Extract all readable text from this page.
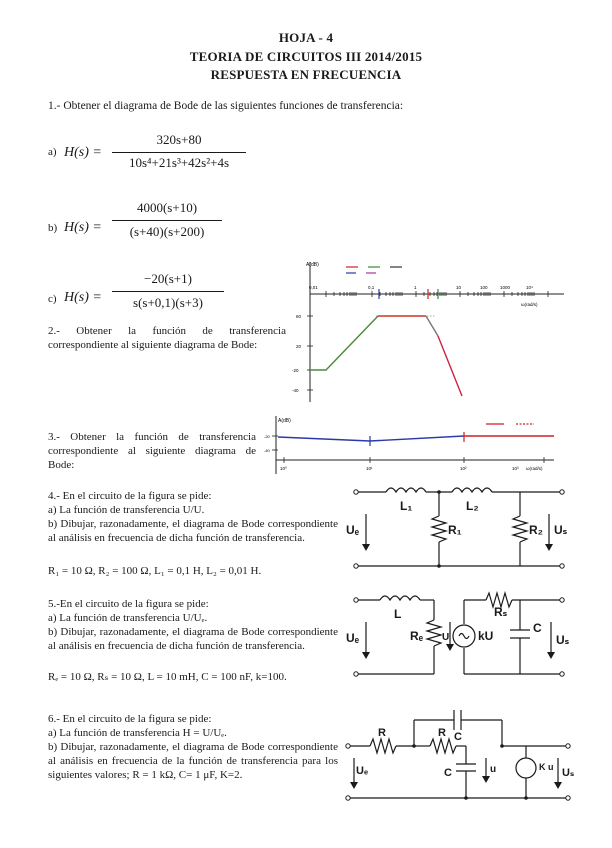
HOJA - 4
TEORIA DE CIRCUITOS III 2014/2015
RESPUESTA EN FRECUENCIA
1.- Obtener el diagrama de Bode de las siguientes funciones de transferencia:
a) H(s) =
320s+80
10s⁴+21s³+42s²+4s
b) H(s) =
4000(s+10)
(s+40)(s+200)
c) H(s) =
−20(s+1)
s(s+0,1)(s+3)
2.- Obtener la función de transferencia correspondiente al siguiente diagrama de Bode:
A(dB)
0,01	0,1	1	10	100	1000	10⁴
ω(rad/s)
60
20
-20
-40
3.- Obtener la función de transferencia correspondiente al siguiente diagrama de Bode:
A(dB)
-20
-40
10⁰	10¹	10²	10³ ω(rad/s)
4.- En el circuito de la figura se pide:
a) La función de transferencia U/U.
b) Dibujar, razonadamente, el diagrama de Bode correspondiente al análisis en frecuencia de dicha función de transferencia.
R₁ = 10 Ω, R₂ = 100 Ω, L₁ = 0,1 H, L₂ = 0,01 H.
L₁	L₂
R₁	R₂
Uₑ	Uₛ
5.-En el circuito de la figura se pide:
a) La función de transferencia U/Uₑ.
b) Dibujar, razonadamente, el diagrama de Bode correspondiente al análisis en frecuencia de dicha función de transferencia.
Rₑ = 10 Ω, Rₛ = 10 Ω, L = 10 mH, C = 100 nF, k=100.
L	Rₛ
Rₑ U kU
C
Uₑ	Uₛ
6.- En el circuito de la figura se pide:
a) La función de transferencia H = U/Uₑ.
b) Dibujar, razonadamente, el diagrama de Bode correspondiente al análisis en frecuencia de la función de transferencia para los siguientes valores; R = 1 kΩ, C= 1 μF, K=2.
C
R	R
C	u	K u
Uₑ	Uₛ
